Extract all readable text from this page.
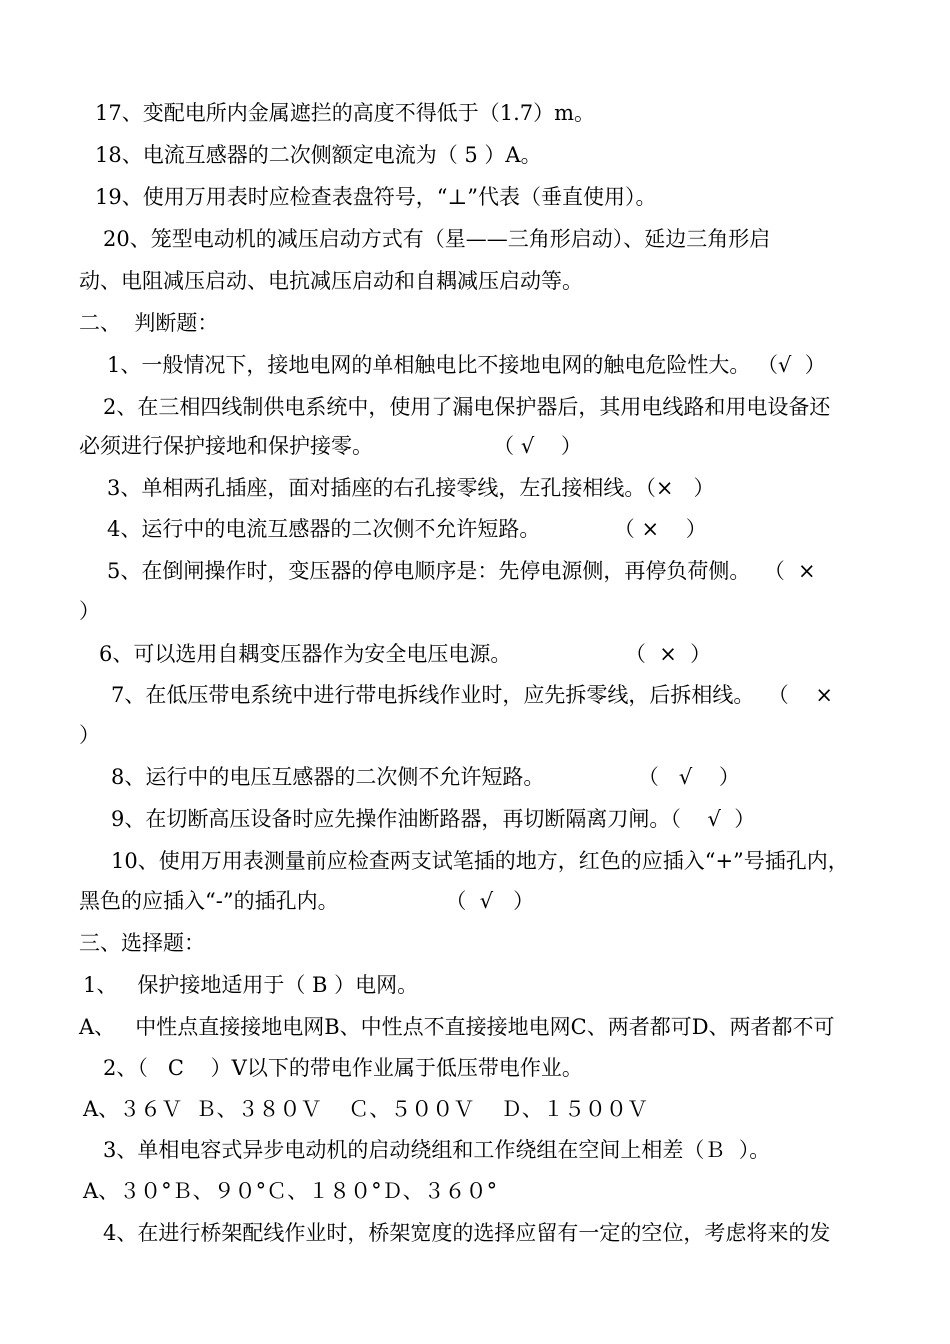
17、变配电所内金属遮拦的高度不得低于（1.7）m。
18、电流互感器的二次侧额定电流为（ 5 ）A。
19、使用万用表时应检查表盘符号，“⊥”代表（垂直使用）。
20、笼型电动机的减压启动方式有（星——三角形启动）、延边三角形启
动、电阻减压启动、电抗减压启动和自耦减压启动等。
二、  判断题：
1、一般情况下，接地电网的单相触电比不接地电网的触电危险性大。 （√  ）
2、在三相四线制供电系统中，使用了漏电保护器后，其用电线路和用电设备还
必须进行保护接地和保护接零。                  （ √    ）
3、单相两孔插座，面对插座的右孔接零线，左孔接相线。（×   ）
4、运行中的电流互感器的二次侧不允许短路。           （ ×    ）
5、在倒闸操作时，变压器的停电顺序是：先停电源侧，再停负荷侧。  （  ×
）
6、可以选用自耦变压器作为安全电压电源。                 （  ×  ）
7、在低压带电系统中进行带电拆线作业时，应先拆零线，后拆相线。  （    ×
）
8、运行中的电压互感器的二次侧不允许短路。              （   √    ）
9、在切断高压设备时应先操作油断路器，再切断隔离刀闸。（    √  ）
10、使用万用表测量前应检查两支试笔插的地方，红色的应插入“+”号插孔内，
黑色的应插入“-”的插孔内。                （  √   ）
三、选择题：
1、   保护接地适用于（ B ）电网。
A、   中性点直接接地电网B、中性点不直接接地电网C、两者都可D、两者都不可
2、（   C    ）V以下的带电作业属于低压带电作业。
A、３６Ｖ  Ｂ、３８０Ｖ    Ｃ、５００Ｖ    Ｄ、１５００Ｖ
3、单相电容式异步电动机的启动绕组和工作绕组在空间上相差（Ｂ  ）。
A、３０°Ｂ、９０°Ｃ、１８０°Ｄ、３６０°
4、在进行桥架配线作业时，桥架宽度的选择应留有一定的空位，考虑将来的发
